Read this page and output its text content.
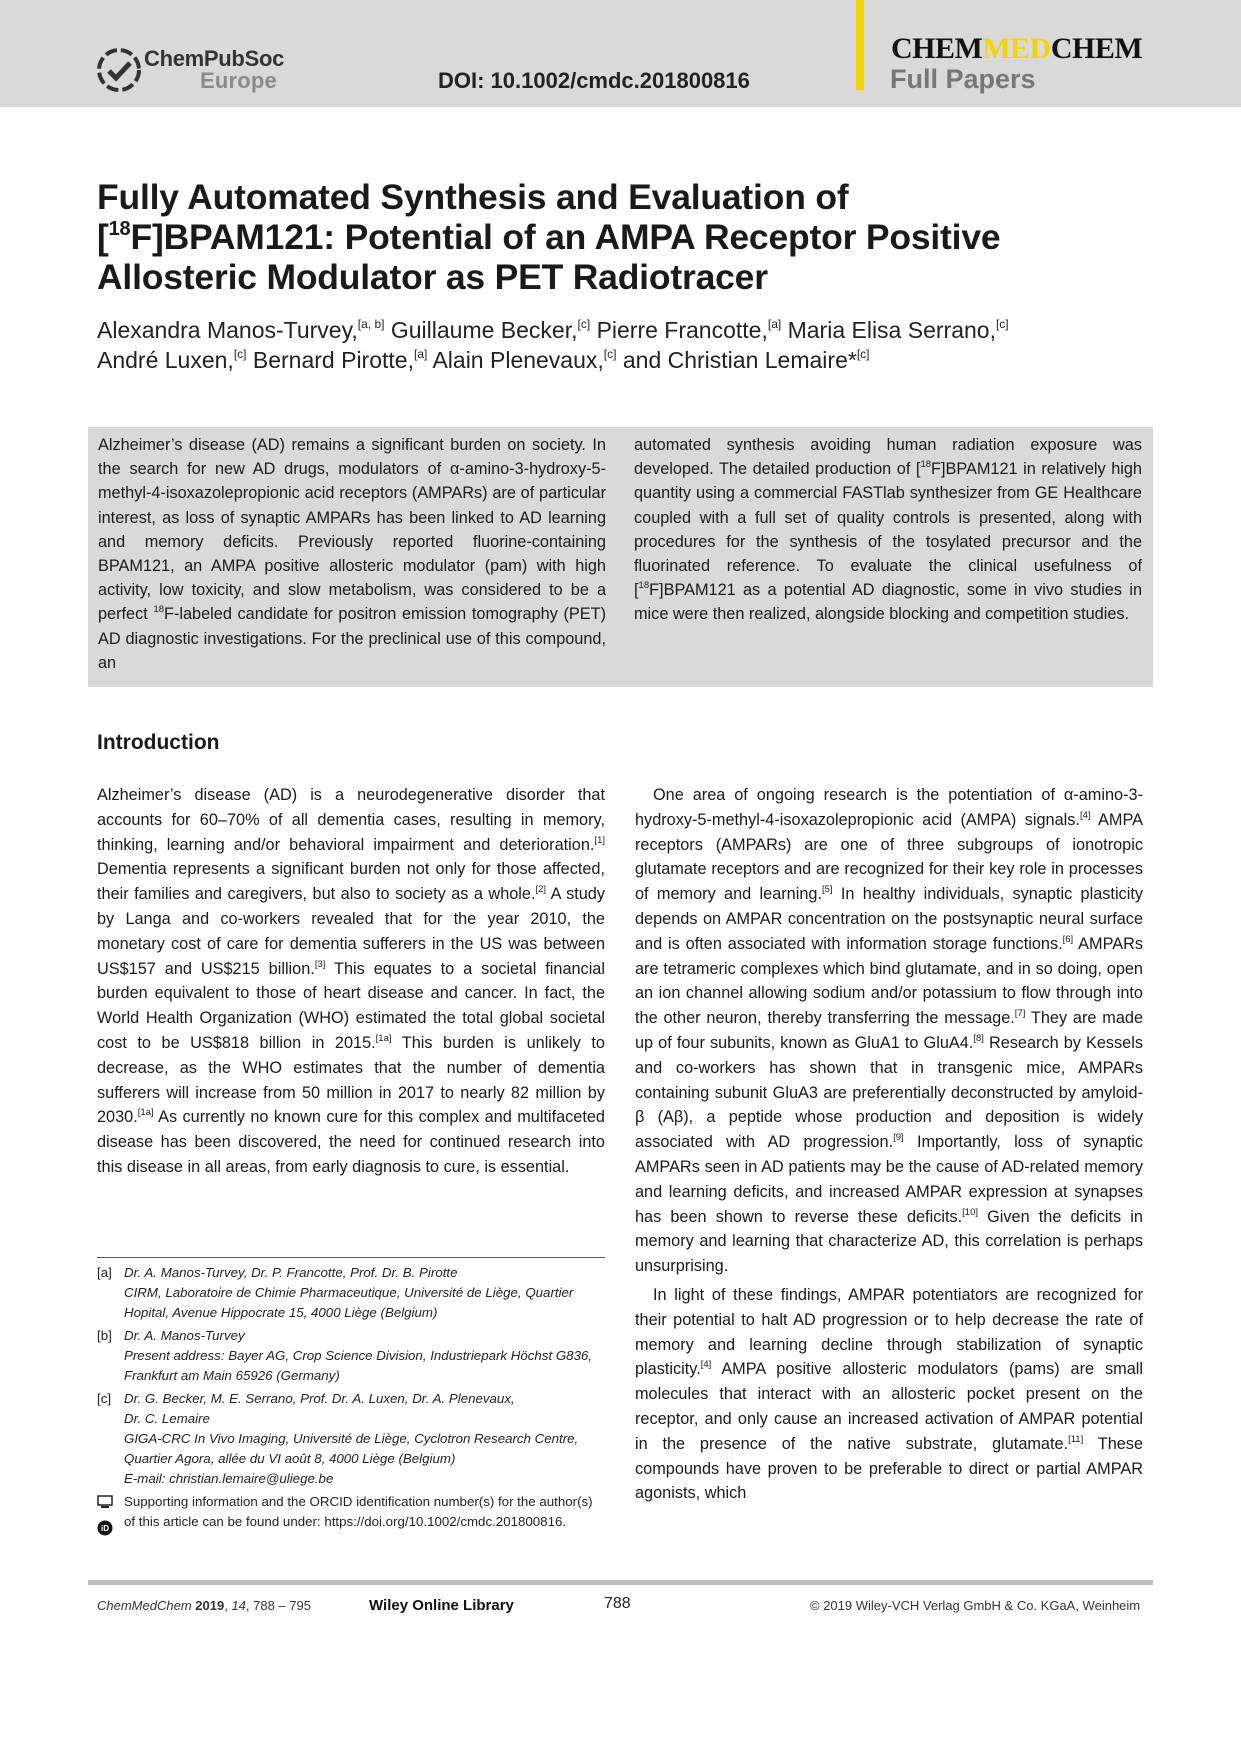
ChemPubSoc
Europe	DOI: 10.1002/cmdc.201800816
CHEMMEDCHEM
Full Papers
Fully Automated Synthesis and Evaluation of
[$^{18}$F]BPAM121: Potential of an AMPA Receptor Positive
Allosteric Modulator as PET Radiotracer
Alexandra Manos-Turvey,[a, b] Guillaume Becker,[c] Pierre Francotte,[a] Maria Elisa Serrano,[c]
André Luxen,[c] Bernard Pirotte,[a] Alain Plenevaux,[c] and Christian Lemaire*[c]
Alzheimer’s disease (AD) remains a significant burden on society. In the search for new AD drugs, modulators of α-amino-3-hydroxy-5-methyl-4-isoxazolepropionic acid receptors (AMPARs) are of particular interest, as loss of synaptic AMPARs has been linked to AD learning and memory deficits. Previously reported fluorine-containing BPAM121, an AMPA positive allosteric modulator (pam) with high activity, low toxicity, and slow metabolism, was considered to be a perfect $^{18}$F-labeled candidate for positron emission tomography (PET) AD diagnostic investigations. For the preclinical use of this compound, an
automated synthesis avoiding human radiation exposure was developed. The detailed production of [$^{18}$F]BPAM121 in relatively high quantity using a commercial FASTlab synthesizer from GE Healthcare coupled with a full set of quality controls is presented, along with procedures for the synthesis of the tosylated precursor and the fluorinated reference. To evaluate the clinical usefulness of [$^{18}$F]BPAM121 as a potential AD diagnostic, some in vivo studies in mice were then realized, alongside blocking and competition studies.
Introduction

Alzheimer’s disease (AD) is a neurodegenerative disorder that accounts for 60–70% of all dementia cases, resulting in memory, thinking, learning and/or behavioral impairment and deterioration.[1] Dementia represents a significant burden not only for those affected, their families and caregivers, but also to society as a whole.[2] A study by Langa and co-workers revealed that for the year 2010, the monetary cost of care for dementia sufferers in the US was between US$157 and US$215 billion.[3] This equates to a societal financial burden equivalent to those of heart disease and cancer. In fact, the World Health Organization (WHO) estimated the total global societal cost to be US$818 billion in 2015.[1a] This burden is unlikely to decrease, as the WHO estimates that the number of dementia sufferers will increase from 50 million in 2017 to nearly 82 million by 2030.[1a] As currently no known cure for this complex and multifaceted disease has been discovered, the need for continued research into this disease in all areas, from early diagnosis to cure, is essential.

One area of ongoing research is the potentiation of α-amino-3-hydroxy-5-methyl-4-isoxazolepropionic acid (AMPA) signals.[4] AMPA receptors (AMPARs) are one of three subgroups of ionotropic glutamate receptors and are recognized for their key role in processes of memory and learning.[5] In healthy individuals, synaptic plasticity depends on AMPAR concentration on the postsynaptic neural surface and is often associated with information storage functions.[6] AMPARs are tetrameric complexes which bind glutamate, and in so doing, open an ion channel allowing sodium and/or potassium to flow through into the other neuron, thereby transferring the message.[7] They are made up of four subunits, known as GluA1 to GluA4.[8] Research by Kessels and co-workers has shown that in transgenic mice, AMPARs containing subunit GluA3 are preferentially deconstructed by amyloid-β (Aβ), a peptide whose production and deposition is widely associated with AD progression.[9] Importantly, loss of synaptic AMPARs seen in AD patients may be the cause of AD-related memory and learning deficits, and increased AMPAR expression at synapses has been shown to reverse these deficits.[10] Given the deficits in memory and learning that characterize AD, this correlation is perhaps unsurprising.

In light of these findings, AMPAR potentiators are recognized for their potential to halt AD progression or to help decrease the rate of memory and learning decline through stabilization of synaptic plasticity.[4] AMPA positive allosteric modulators (pams) are small molecules that interact with an allosteric pocket present on the receptor, and only cause an increased activation of AMPAR potential in the presence of the native substrate, glutamate.[11] These compounds have proven to be preferable to direct or partial AMPAR agonists, which

[a] Dr. A. Manos-Turvey, Dr. P. Francotte, Prof. Dr. B. Pirotte
CIRM, Laboratoire de Chimie Pharmaceutique, Université de Liège, Quartier Hopital, Avenue Hippocrate 15, 4000 Liège (Belgium)
[b] Dr. A. Manos-Turvey
Present address: Bayer AG, Crop Science Division, Industriepark Höchst G836, Frankfurt am Main 65926 (Germany)
[c] Dr. G. Becker, M. E. Serrano, Prof. Dr. A. Luxen, Dr. A. Plenevaux,
Dr. C. Lemaire
GIGA-CRC In Vivo Imaging, Université de Liège, Cyclotron Research Centre, Quartier Agora, allée du VI août 8, 4000 Liège (Belgium)
E-mail: christian.lemaire@uliege.be

iD
Supporting information and the ORCID identification number(s) for the author(s) of this article can be found under: https://doi.org/10.1002/cmdc.201800816.
ChemMedChem 2019, 14, 788 – 795	Wiley Online Library	788	© 2019 Wiley-VCH Verlag GmbH & Co. KGaA, Weinheim
